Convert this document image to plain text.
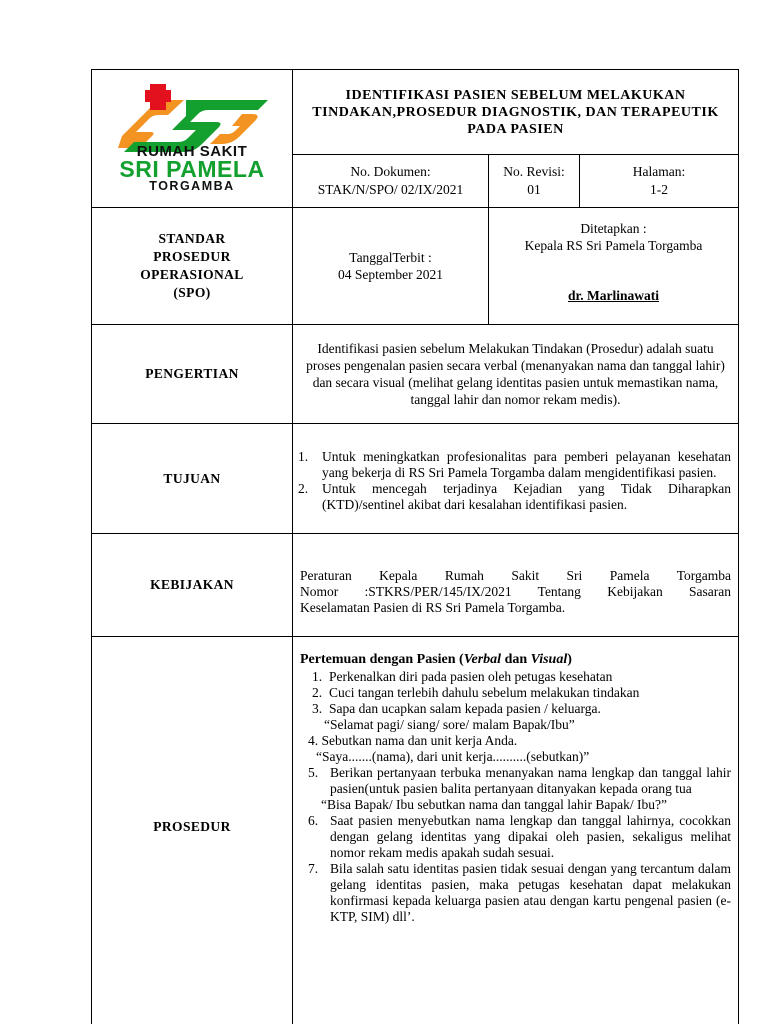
RUMAH SAKIT
SRI PAMELA
TORGAMBA
IDENTIFIKASI PASIEN SEBELUM MELAKUKAN TINDAKAN,PROSEDUR DIAGNOSTIK, DAN TERAPEUTIK PADA PASIEN
No. Dokumen:
STAK/N/SPO/ 02/IX/2021
No. Revisi:
01
Halaman:
1-2
STANDAR
PROSEDUR
OPERASIONAL
(SPO)
TanggalTerbit :
04 September 2021
Ditetapkan :
Kepala RS Sri Pamela Torgamba
dr. Marlinawati
PENGERTIAN
Identifikasi pasien sebelum Melakukan Tindakan (Prosedur) adalah suatu proses pengenalan pasien secara verbal (menanyakan nama dan tanggal lahir) dan secara visual (melihat gelang identitas pasien untuk memastikan nama, tanggal lahir dan nomor rekam medis).
TUJUAN
1.	Untuk meningkatkan profesionalitas para pemberi pelayanan kesehatan yang bekerja di RS Sri Pamela Torgamba dalam mengidentifikasi pasien.
2.	Untuk mencegah terjadinya Kejadian yang Tidak Diharapkan (KTD)/sentinel akibat dari kesalahan identifikasi pasien.
KEBIJAKAN
Peraturan Kepala Rumah Sakit Sri Pamela Torgamba
Nomor :STKRS/PER/145/IX/2021 Tentang Kebijakan Sasaran
Keselamatan Pasien di RS Sri Pamela Torgamba.
PROSEDUR
Pertemuan dengan Pasien (Verbal dan Visual)
1. Perkenalkan diri pada pasien oleh petugas kesehatan
2. Cuci tangan terlebih dahulu sebelum melakukan tindakan
3. Sapa dan ucapkan salam kepada pasien / keluarga.
“Selamat pagi/ siang/ sore/ malam Bapak/Ibu”
4. Sebutkan nama dan unit kerja Anda.
“Saya.......(nama), dari unit kerja..........(sebutkan)”
5. Berikan pertanyaan terbuka menanyakan nama lengkap dan tanggal lahir pasien(untuk pasien balita pertanyaan ditanyakan kepada orang tua
“Bisa Bapak/ Ibu sebutkan nama dan tanggal lahir Bapak/ Ibu?”
6. Saat pasien menyebutkan nama lengkap dan tanggal lahirnya, cocokkan dengan gelang identitas yang dipakai oleh pasien, sekaligus melihat nomor rekam medis apakah sudah sesuai.
7. Bila salah satu identitas pasien tidak sesuai dengan yang tercantum dalam gelang identitas pasien, maka petugas kesehatan dapat melakukan konfirmasi kepada keluarga pasien atau dengan kartu pengenal pasien (e-KTP, SIM) dll’.
